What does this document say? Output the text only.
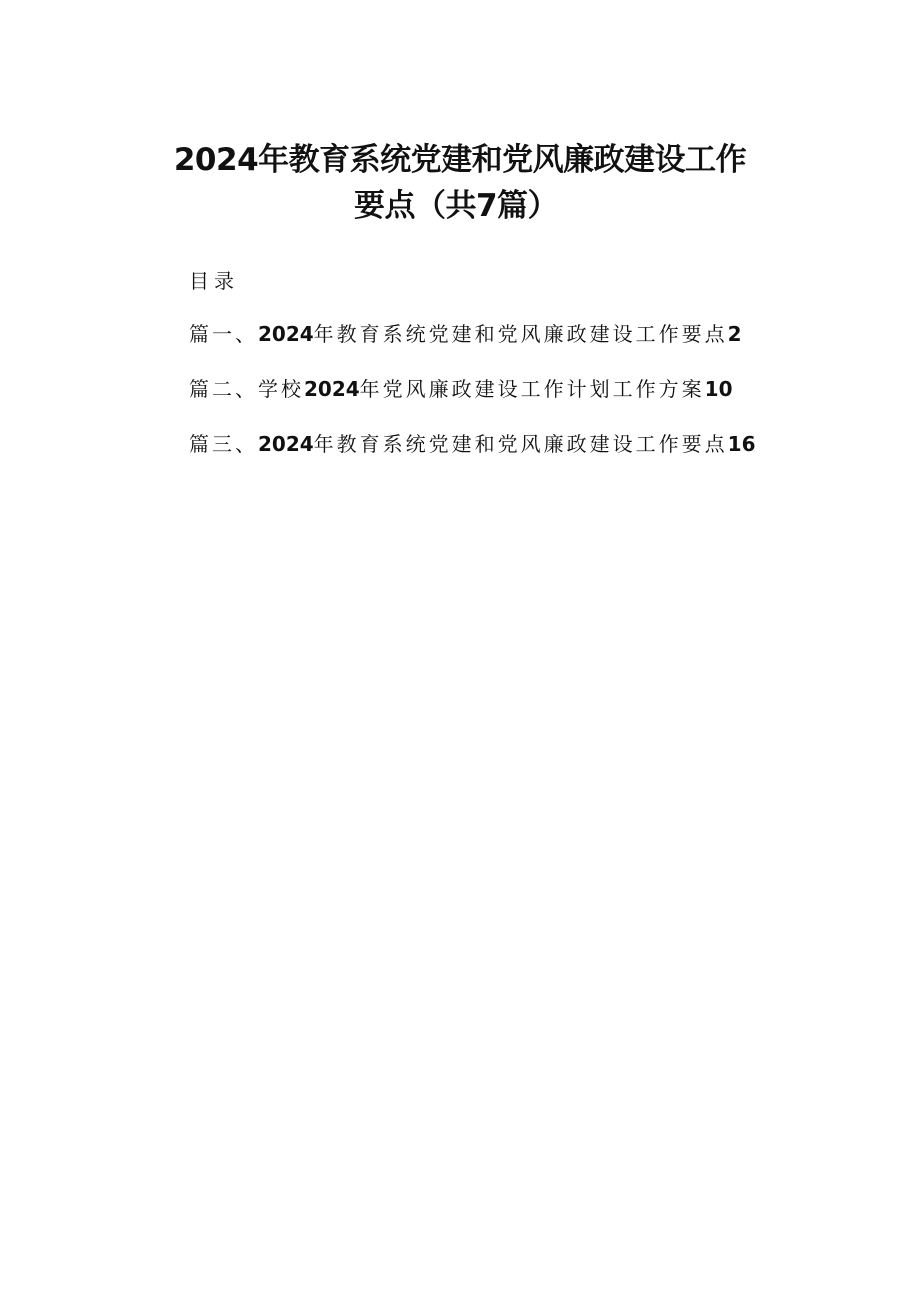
2024年教育系统党建和党风廉政建设工作
要点（共7篇）
目录
篇一、2024年教育系统党建和党风廉政建设工作要点2
篇二、学校2024年党风廉政建设工作计划工作方案10
篇三、2024年教育系统党建和党风廉政建设工作要点16
